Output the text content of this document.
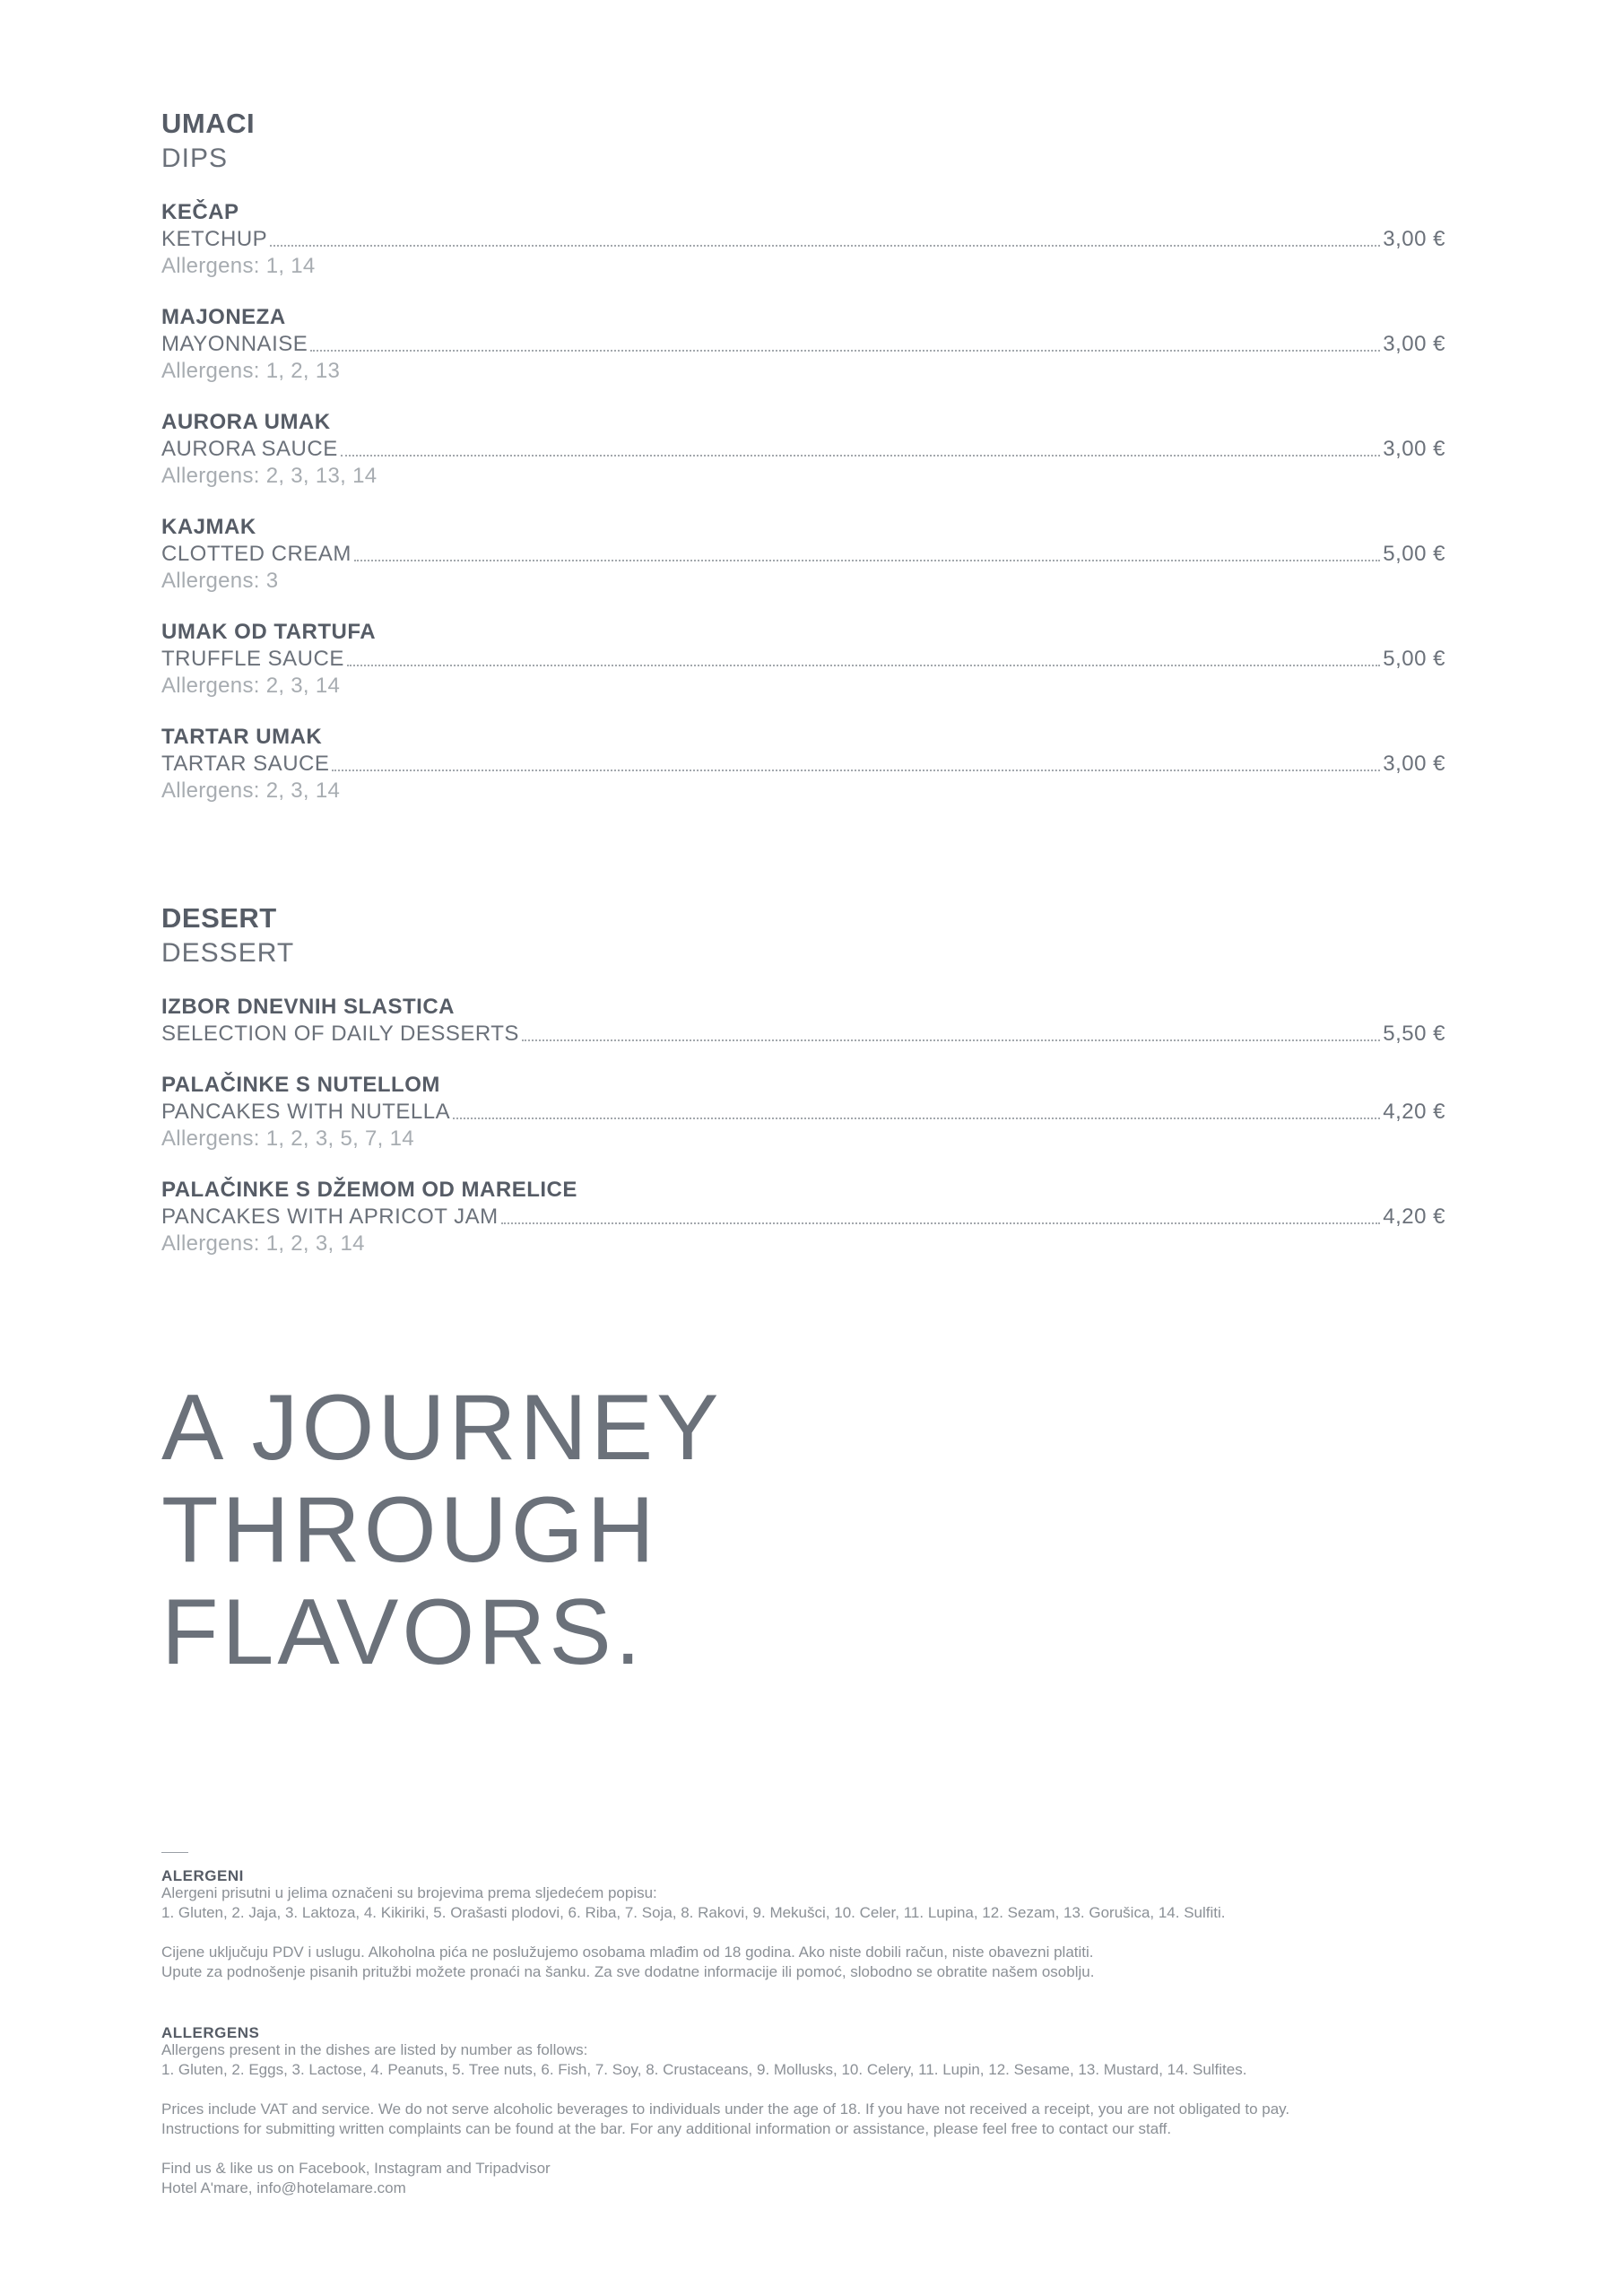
UMACI
DIPS
KEČAP
KETCHUP	3,00 €
Allergens: 1, 14
MAJONEZA
MAYONNAISE	3,00 €
Allergens: 1, 2, 13
AURORA UMAK
AURORA SAUCE	3,00 €
Allergens: 2, 3, 13, 14
KAJMAK
CLOTTED CREAM	5,00 €
Allergens: 3
UMAK OD TARTUFA
TRUFFLE SAUCE	5,00 €
Allergens: 2, 3, 14
TARTAR UMAK
TARTAR SAUCE	3,00 €
Allergens: 2, 3, 14
DESERT
DESSERT
IZBOR DNEVNIH SLASTICA
SELECTION OF DAILY DESSERTS	5,50 €
PALAČINKE S NUTELLOM
PANCAKES WITH NUTELLA	4,20 €
Allergens: 1, 2, 3, 5, 7, 14
PALAČINKE S DŽEMOM OD MARELICE
PANCAKES WITH APRICOT JAM	4,20 €
Allergens: 1, 2, 3, 14
A JOURNEY
THROUGH
FLAVORS.
ALERGENI
Alergeni prisutni u jelima označeni su brojevima prema sljedećem popisu:
1. Gluten, 2. Jaja, 3. Laktoza, 4. Kikiriki, 5. Orašasti plodovi, 6. Riba, 7. Soja, 8. Rakovi, 9. Mekušci, 10. Celer, 11. Lupina, 12. Sezam, 13. Gorušica, 14. Sulfiti.
Cijene uključuju PDV i uslugu. Alkoholna pića ne poslužujemo osobama mlađim od 18 godina. Ako niste dobili račun, niste obavezni platiti.
Upute za podnošenje pisanih pritužbi možete pronaći na šanku. Za sve dodatne informacije ili pomoć, slobodno se obratite našem osoblju.
ALLERGENS
Allergens present in the dishes are listed by number as follows:
1. Gluten, 2. Eggs, 3. Lactose, 4. Peanuts, 5. Tree nuts, 6. Fish, 7. Soy, 8. Crustaceans, 9. Mollusks, 10. Celery, 11. Lupin, 12. Sesame, 13. Mustard, 14. Sulfites.
Prices include VAT and service. We do not serve alcoholic beverages to individuals under the age of 18. If you have not received a receipt, you are not obligated to pay.
Instructions for submitting written complaints can be found at the bar. For any additional information or assistance, please feel free to contact our staff.
Find us & like us on Facebook, Instagram and Tripadvisor
Hotel A'mare, info@hotelamare.com
